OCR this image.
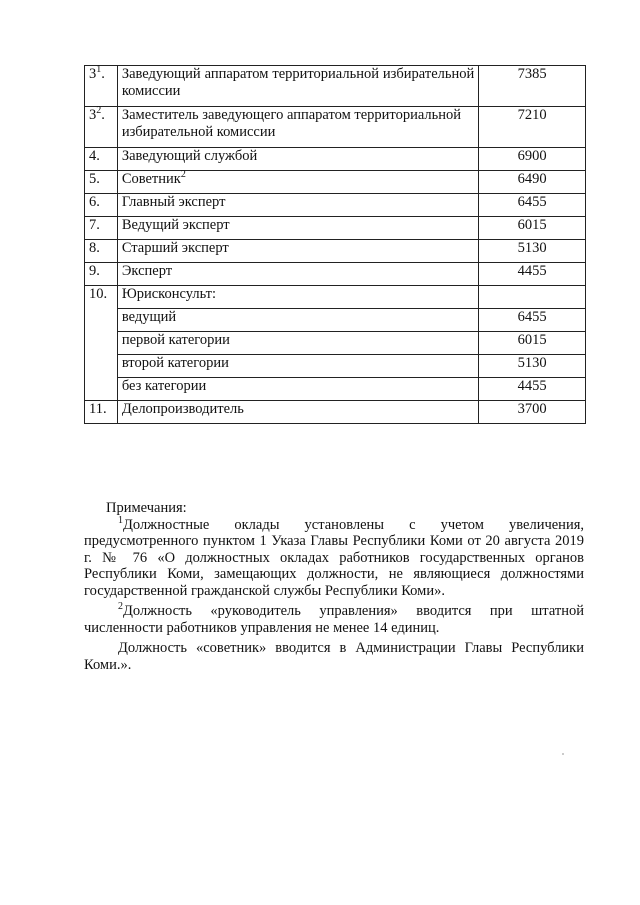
$3^1$.	Заведующий аппаратом территориальной избирательной комиссии	7385
$3^2$.	Заместитель заведующего аппаратом территориальной избирательной комиссии	7210
4.	Заведующий службой	6900
5.	Советник$^2$	6490
6.	Главный эксперт	6455
7.	Ведущий эксперт	6015
8.	Старший эксперт	5130
9.	Эксперт	4455
10.	Юрисконсульт:	
	ведущий	6455
	первой категории	6015
	второй категории	5130
	без категории	4455
11.	Делопроизводитель	3700

Примечания:

$^1$Должностные оклады установлены с учетом увеличения, предусмотренного пунктом 1 Указа Главы Республики Коми от 20 августа 2019 г. № 76 «О должностных окладах работников государственных органов Республики Коми, замещающих должности, не являющиеся должностями государственной гражданской службы Республики Коми».

$^2$Должность «руководитель управления» вводится при штатной численности работников управления не менее 14 единиц.

Должность «советник» вводится в Администрации Главы Республики Коми.».
